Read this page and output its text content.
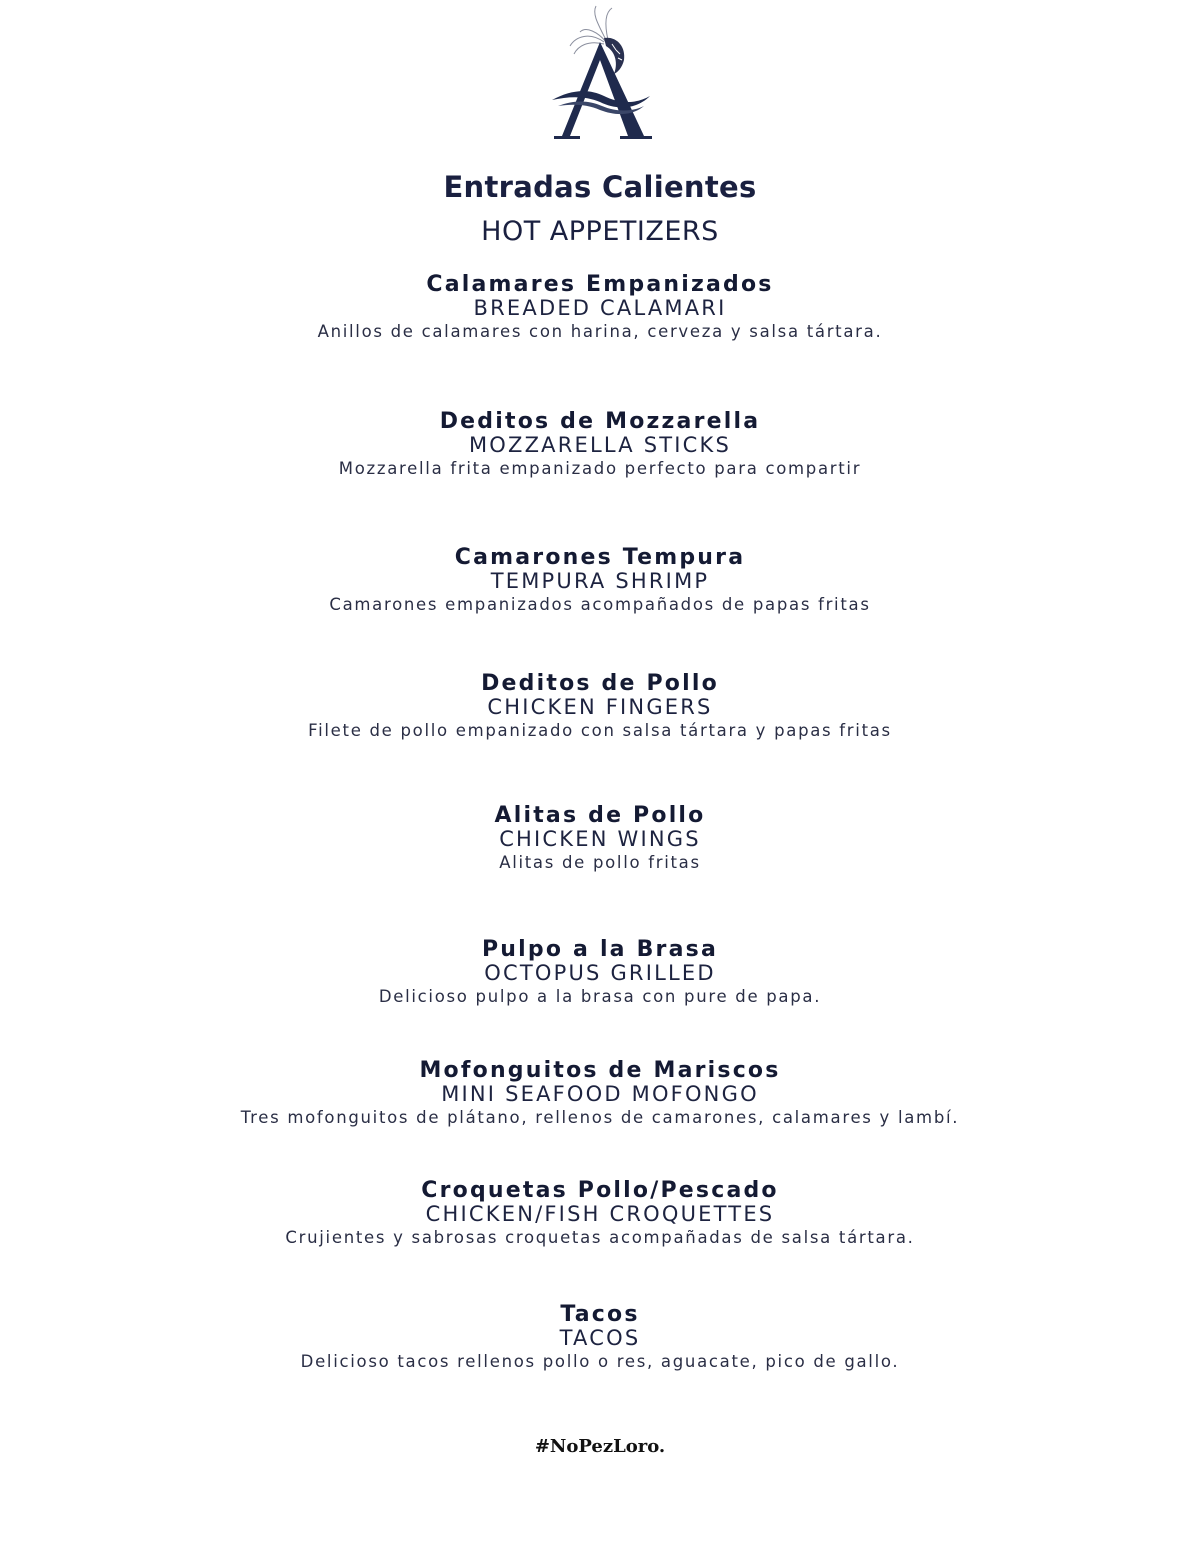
Entradas Calientes
HOT APPETIZERS
Calamares Empanizados
BREADED CALAMARI
Anillos de calamares con harina, cerveza y salsa tártara.
Deditos de Mozzarella
MOZZARELLA STICKS
Mozzarella frita empanizado perfecto para compartir
Camarones Tempura
TEMPURA SHRIMP
Camarones empanizados acompañados de papas fritas
Deditos de Pollo
CHICKEN FINGERS
Filete de pollo empanizado con salsa tártara y papas fritas
Alitas de Pollo
CHICKEN WINGS
Alitas de pollo fritas
Pulpo a la Brasa
OCTOPUS GRILLED
Delicioso pulpo a la brasa con pure de papa.
Mofonguitos de Mariscos
MINI SEAFOOD MOFONGO
Tres mofonguitos de plátano, rellenos de camarones, calamares y lambí.
Croquetas Pollo/Pescado
CHICKEN/FISH CROQUETTES
Crujientes y sabrosas croquetas acompañadas de salsa tártara.
Tacos
TACOS
Delicioso tacos rellenos pollo o res, aguacate, pico de gallo.
#NoPezLoro.
